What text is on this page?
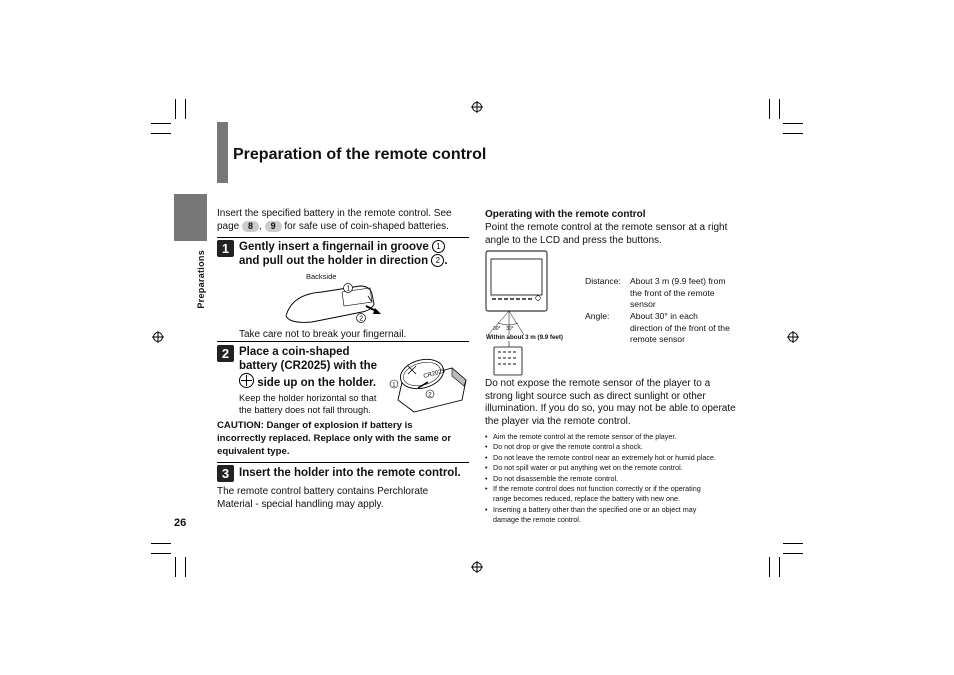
Preparation of the remote control
Preparations
Insert the specified battery in the remote control. See
page 8 , 9 for safe use of coin-shaped batteries.
1 Gently insert a fingernail in groove 1
and pull out the holder in direction 2 .
Backside
1
2
Take care not to break your fingernail.
2 Place a coin-shaped
battery (CR2025) with the

side up on the holder.
Keep the holder horizontal so that
the battery does not fall through.
CR2025
1
2
CAUTION: Danger of explosion if battery is
incorrectly replaced. Replace only with the same or
equivalent type.
3 Insert the holder into the remote control.
The remote control battery contains Perchlorate
Material - special handling may apply.
26
Operating with the remote control
Point the remote control at the remote sensor at a right
angle to the LCD and press the buttons.
30° 30°
Within about 3 m (9.9 feet)
Distance: About 3 m (9.9 feet) from
the front of the remote
sensor
Angle: About 30° in each
direction of the front of the
remote sensor
Do not expose the remote sensor of the player to a
strong light source such as direct sunlight or other
illumination. If you do so, you may not be able to operate
the player via the remote control.
• Aim the remote control at the remote sensor of the player.
• Do not drop or give the remote control a shock.
• Do not leave the remote control near an extremely hot or humid place.
• Do not spill water or put anything wet on the remote control.
• Do not disassemble the remote control.
• If the remote control does not function correctly or if the operating
range becomes reduced, replace the battery with new one.
• Inserting a battery other than the specified one or an object may
damage the remote control.
